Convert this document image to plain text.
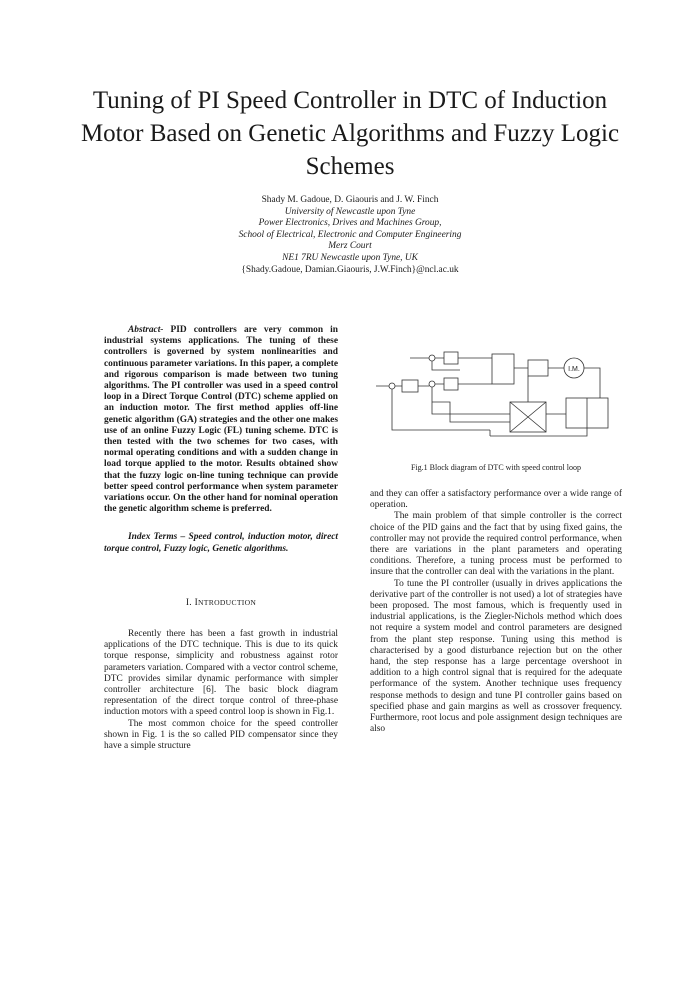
Tuning of PI Speed Controller in DTC of Induction Motor Based on Genetic Algorithms and Fuzzy Logic Schemes
Shady M. Gadoue, D. Giaouris and J. W. Finch
University of Newcastle upon Tyne
Power Electronics, Drives and Machines Group,
School of Electrical, Electronic and Computer Engineering
Merz Court
NE1 7RU Newcastle upon Tyne, UK
{Shady.Gadoue, Damian.Giaouris, J.W.Finch}@ncl.ac.uk

Abstract- PID controllers are very common in industrial systems applications. The tuning of these controllers is governed by system nonlinearities and continuous parameter variations. In this paper, a complete and rigorous comparison is made between two tuning algorithms. The PI controller was used in a speed control loop in a Direct Torque Control (DTC) scheme applied on an induction motor. The first method applies off-line genetic algorithm (GA) strategies and the other one makes use of an online Fuzzy Logic (FL) tuning scheme. DTC is then tested with the two schemes for two cases, with normal operating conditions and with a sudden change in load torque applied to the motor. Results obtained show that the fuzzy logic on-line tuning technique can provide better speed control performance when system parameter variations occur. On the other hand for nominal operation the genetic algorithm scheme is preferred.

Index Terms – Speed control, induction motor, direct torque control, Fuzzy logic, Genetic algorithms.

I. INTRODUCTION

Recently there has been a fast growth in industrial applications of the DTC technique. This is due to its quick torque response, simplicity and robustness against rotor parameters variation. Compared with a vector control scheme, DTC provides similar dynamic performance with simpler controller architecture [6]. The basic block diagram representation of the direct torque control of three-phase induction motors with a speed control loop is shown in Fig.1.

The most common choice for the speed controller shown in Fig. 1 is the so called PID compensator since they have a simple structure

I.M.
Fig.1 Block diagram of DTC with speed control loop

and they can offer a satisfactory performance over a wide range of operation.

The main problem of that simple controller is the correct choice of the PID gains and the fact that by using fixed gains, the controller may not provide the required control performance, when there are variations in the plant parameters and operating conditions. Therefore, a tuning process must be performed to insure that the controller can deal with the variations in the plant.

To tune the PI controller (usually in drives applications the derivative part of the controller is not used) a lot of strategies have been proposed. The most famous, which is frequently used in industrial applications, is the Ziegler-Nichols method which does not require a system model and control parameters are designed from the plant step response. Tuning using this method is characterised by a good disturbance rejection but on the other hand, the step response has a large percentage overshoot in addition to a high control signal that is required for the adequate performance of the system. Another technique uses frequency response methods to design and tune PI controller gains based on specified phase and gain margins as well as crossover frequency. Furthermore, root locus and pole assignment design techniques are also
